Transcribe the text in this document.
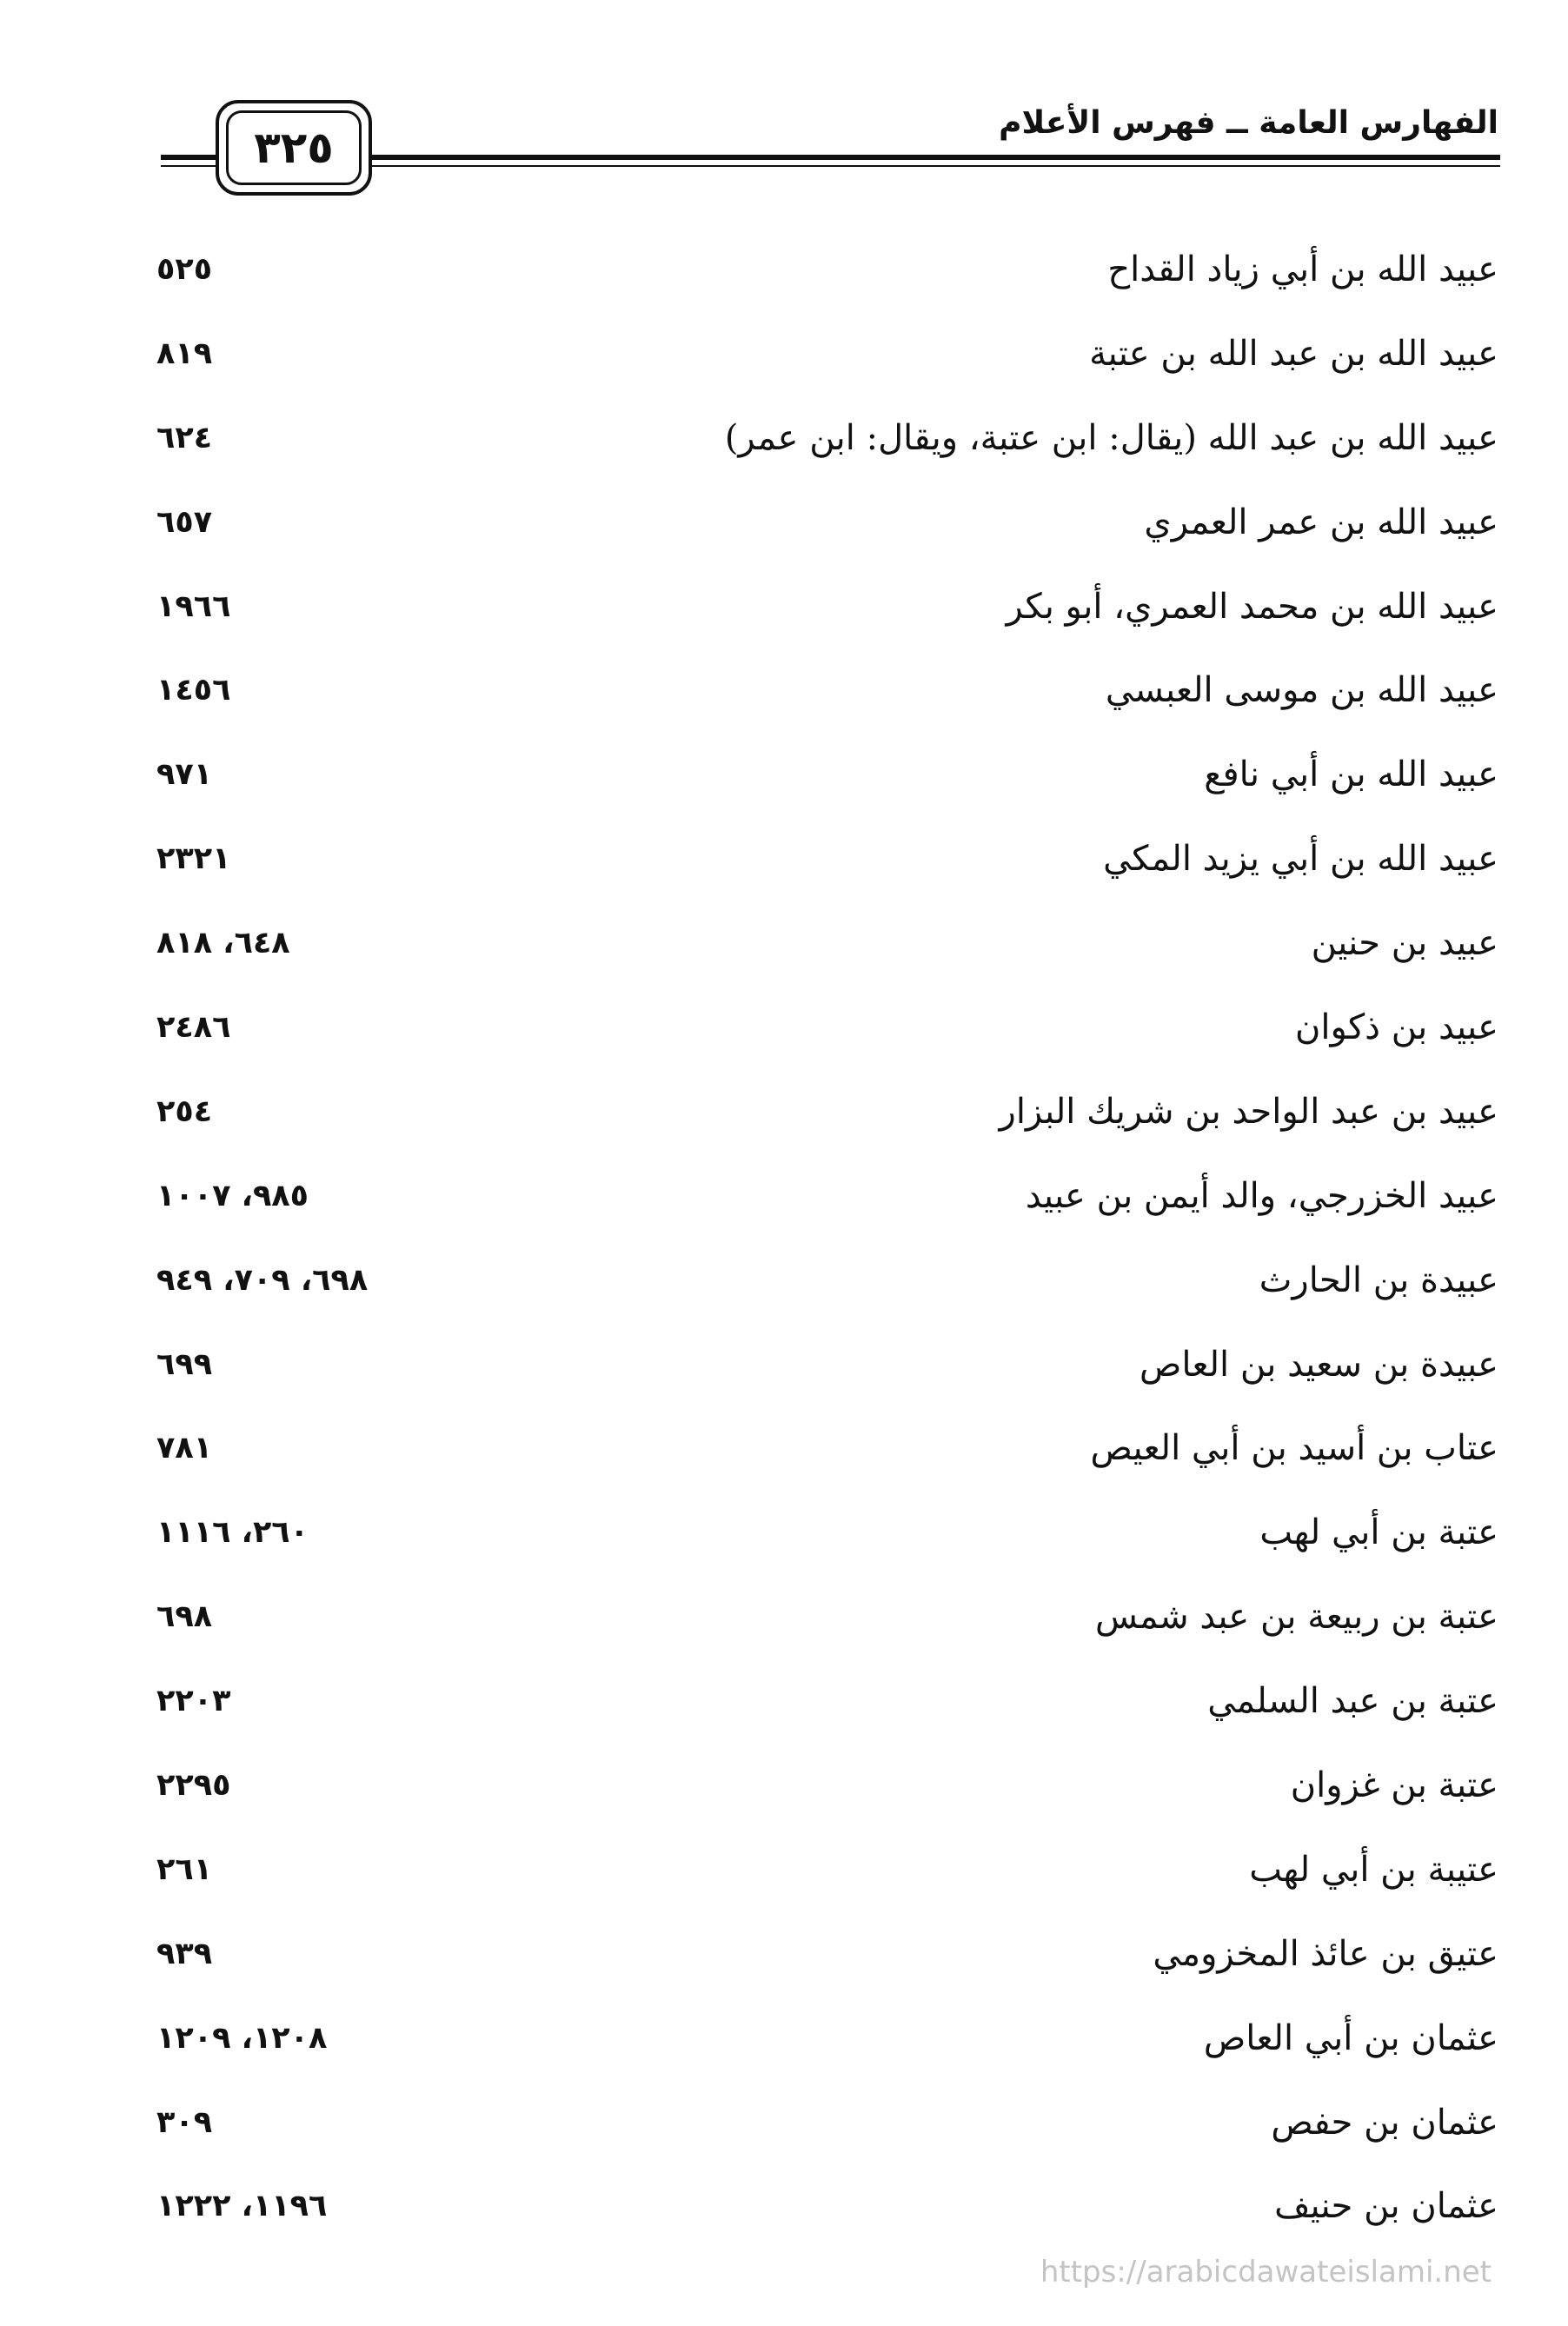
الفهارس العامة ــ فهرس الأعلام
٣٢٥
عبيد الله بن أبي زياد القداح
٥٢٥
عبيد الله بن عبد الله بن عتبة
٨١٩
عبيد الله بن عبد الله (يقال: ابن عتبة، ويقال: ابن عمر)
٦٢٤
عبيد الله بن عمر العمري
٦٥٧
عبيد الله بن محمد العمري، أبو بكر
١٩٦٦
عبيد الله بن موسى العبسي
١٤٥٦
عبيد الله بن أبي نافع
٩٧١
عبيد الله بن أبي يزيد المكي
٢٣٢١
عبيد بن حنين
٦٤٨، ٨١٨
عبيد بن ذكوان
٢٤٨٦
عبيد بن عبد الواحد بن شريك البزار
٢٥٤
عبيد الخزرجي، والد أيمن بن عبيد
٩٨٥، ١٠٠٧
عبيدة بن الحارث
٦٩٨، ٧٠٩، ٩٤٩
عبيدة بن سعيد بن العاص
٦٩٩
عتاب بن أسيد بن أبي العيص
٧٨١
عتبة بن أبي لهب
٢٦٠، ١١١٦
عتبة بن ربيعة بن عبد شمس
٦٩٨
عتبة بن عبد السلمي
٢٢٠٣
عتبة بن غزوان
٢٢٩٥
عتيبة بن أبي لهب
٢٦١
عتيق بن عائذ المخزومي
٩٣٩
عثمان بن أبي العاص
١٢٠٨، ١٢٠٩
عثمان بن حفص
٣٠٩
عثمان بن حنيف
١١٩٦، ١٢٢٢
https://arabicdawateislami.net
